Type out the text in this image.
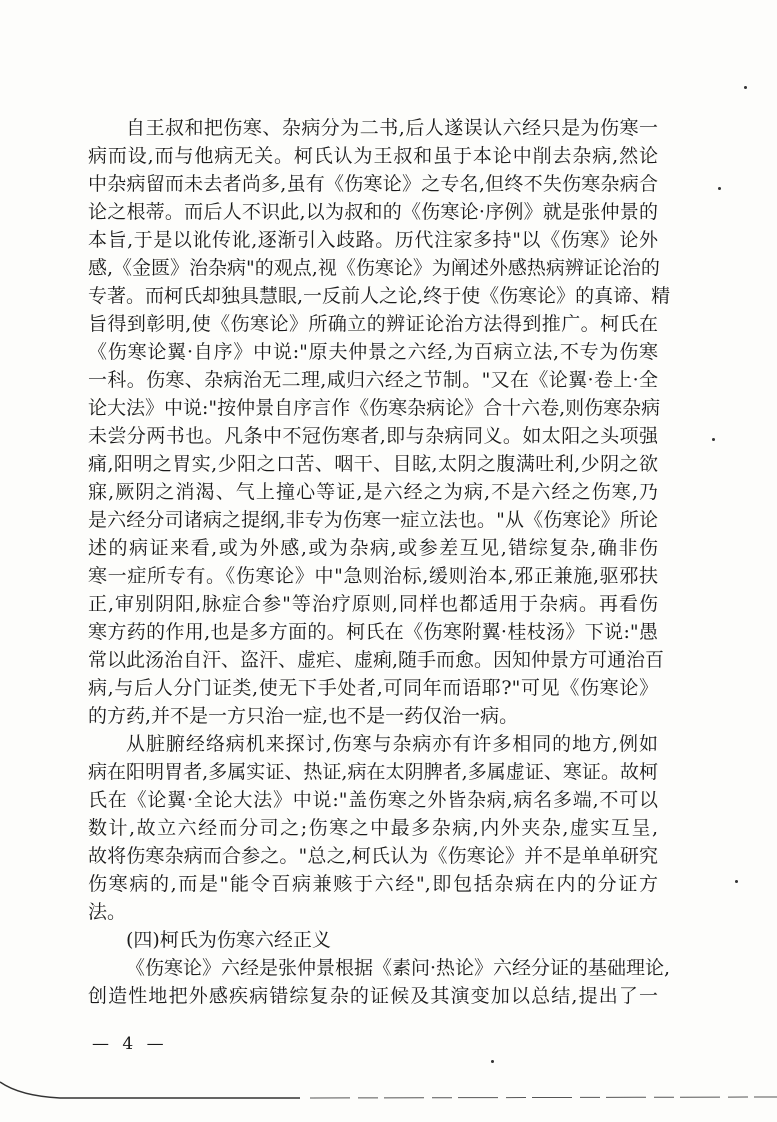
自王叔和把伤寒、杂病分为二书,后人遂误认六经只是为伤寒一
病而设,而与他病无关。柯氏认为王叔和虽于本论中削去杂病,然论
中杂病留而未去者尚多,虽有《伤寒论》之专名,但终不失伤寒杂病合
论之根蒂。而后人不识此,以为叔和的《伤寒论·序例》就是张仲景的
本旨,于是以讹传讹,逐渐引入歧路。历代注家多持"以《伤寒》论外
感,《金匮》治杂病"的观点,视《伤寒论》为阐述外感热病辨证论治的
专著。而柯氏却独具慧眼,一反前人之论,终于使《伤寒论》的真谛、精
旨得到彰明,使《伤寒论》所确立的辨证论治方法得到推广。柯氏在
《伤寒论翼·自序》中说:"原夫仲景之六经,为百病立法,不专为伤寒
一科。伤寒、杂病治无二理,咸归六经之节制。"又在《论翼·卷上·全
论大法》中说:"按仲景自序言作《伤寒杂病论》合十六卷,则伤寒杂病
未尝分两书也。凡条中不冠伤寒者,即与杂病同义。如太阳之头项强
痛,阳明之胃实,少阳之口苦、咽干、目眩,太阴之腹满吐利,少阴之欲
寐,厥阴之消渴、气上撞心等证,是六经之为病,不是六经之伤寒,乃
是六经分司诸病之提纲,非专为伤寒一症立法也。"从《伤寒论》所论
述的病证来看,或为外感,或为杂病,或参差互见,错综复杂,确非伤
寒一症所专有。《伤寒论》中"急则治标,缓则治本,邪正兼施,驱邪扶
正,审别阴阳,脉症合参"等治疗原则,同样也都适用于杂病。再看伤
寒方药的作用,也是多方面的。柯氏在《伤寒附翼·桂枝汤》下说:"愚
常以此汤治自汗、盗汗、虚疟、虚痢,随手而愈。因知仲景方可通治百
病,与后人分门证类,使无下手处者,可同年而语耶?"可见《伤寒论》
的方药,并不是一方只治一症,也不是一药仅治一病。
从脏腑经络病机来探讨,伤寒与杂病亦有许多相同的地方,例如
病在阳明胃者,多属实证、热证,病在太阴脾者,多属虚证、寒证。故柯
氏在《论翼·全论大法》中说:"盖伤寒之外皆杂病,病名多端,不可以
数计,故立六经而分司之;伤寒之中最多杂病,内外夹杂,虚实互呈,
故将伤寒杂病而合参之。"总之,柯氏认为《伤寒论》并不是单单研究
伤寒病的,而是"能令百病兼赅于六经",即包括杂病在内的分证方
法。
(四)柯氏为伤寒六经正义
《伤寒论》六经是张仲景根据《素问·热论》六经分证的基础理论,
创造性地把外感疾病错综复杂的证候及其演变加以总结,提出了一
— 4 —
